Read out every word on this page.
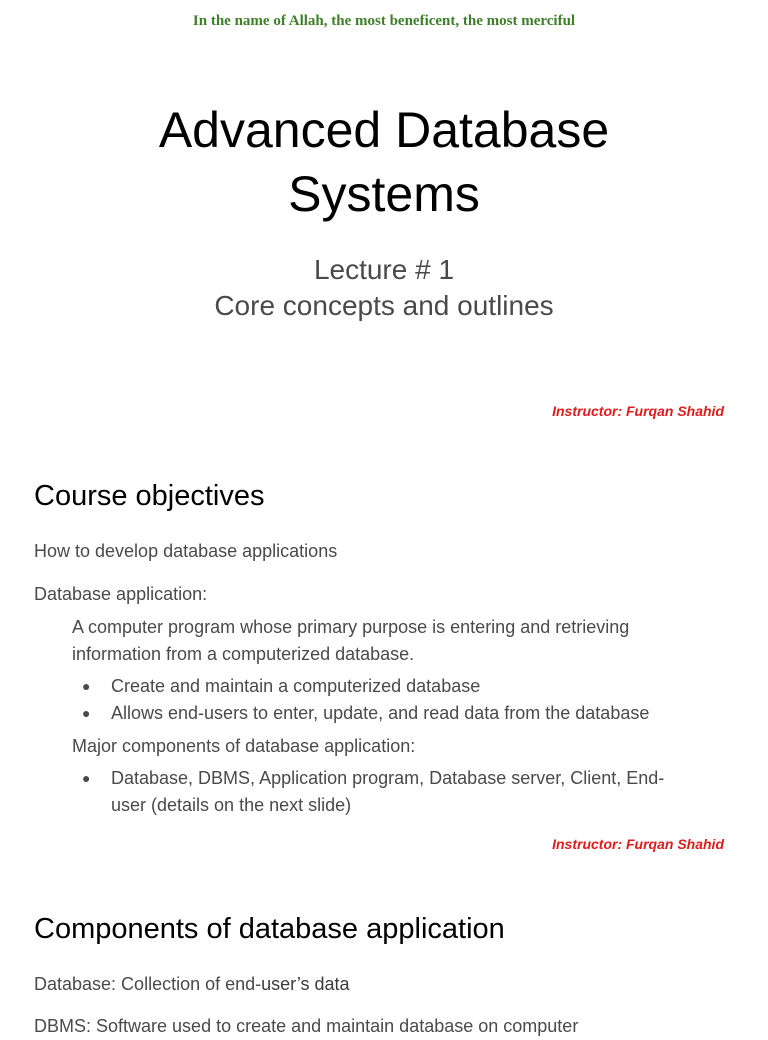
In the name of Allah, the most beneficent, the most merciful
Advanced Database
Systems
Lecture # 1
Core concepts and outlines
Instructor: Furqan Shahid
Course objectives
How to develop database applications
Database application:
A computer program whose primary purpose is entering and retrieving
information from a computerized database.
● Create and maintain a computerized database
● Allows end-users to enter, update, and read data from the database
Major components of database application:
● Database, DBMS, Application program, Database server, Client, End-
user (details on the next slide)
Instructor: Furqan Shahid
Components of database application
Database: Collection of end-user’s data
DBMS: Software used to create and maintain database on computer
